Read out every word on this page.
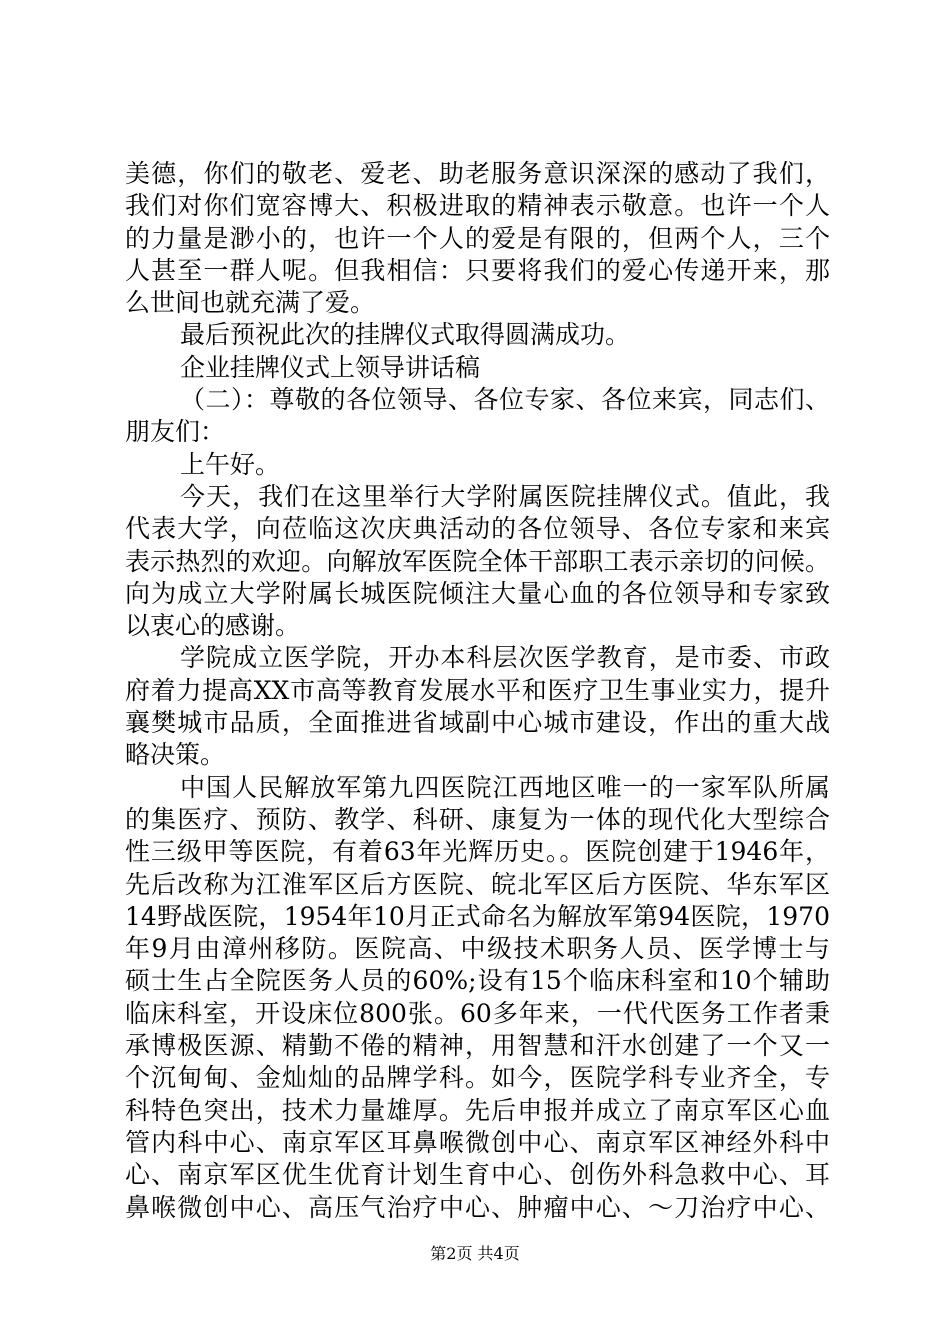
美德，你们的敬老、爱老、助老服务意识深深的感动了我们，
我们对你们宽容博大、积极进取的精神表示敬意。也许一个人
的力量是渺小的，也许一个人的爱是有限的，但两个人，三个
人甚至一群人呢。但我相信：只要将我们的爱心传递开来，那
么世间也就充满了爱。
最后预祝此次的挂牌仪式取得圆满成功。
企业挂牌仪式上领导讲话稿
（二）：尊敬的各位领导、各位专家、各位来宾，同志们、
朋友们：
上午好。
今天，我们在这里举行大学附属医院挂牌仪式。值此，我
代表大学，向莅临这次庆典活动的各位领导、各位专家和来宾
表示热烈的欢迎。向解放军医院全体干部职工表示亲切的问候。
向为成立大学附属长城医院倾注大量心血的各位领导和专家致
以衷心的感谢。
学院成立医学院，开办本科层次医学教育，是市委、市政
府着力提高XX市高等教育发展水平和医疗卫生事业实力，提升
襄樊城市品质，全面推进省域副中心城市建设，作出的重大战
略决策。
中国人民解放军第九四医院江西地区唯一的一家军队所属
的集医疗、预防、教学、科研、康复为一体的现代化大型综合
性三级甲等医院，有着63年光辉历史。。医院创建于1946年，
先后改称为江淮军区后方医院、皖北军区后方医院、华东军区
14野战医院，1954年10月正式命名为解放军第94医院，1970
年9月由漳州移防。医院高、中级技术职务人员、医学博士与
硕士生占全院医务人员的60%;设有15个临床科室和10个辅助
临床科室，开设床位800张。60多年来，一代代医务工作者秉
承博极医源、精勤不倦的精神，用智慧和汗水创建了一个又一
个沉甸甸、金灿灿的品牌学科。如今，医院学科专业齐全，专
科特色突出，技术力量雄厚。先后申报并成立了南京军区心血
管内科中心、南京军区耳鼻喉微创中心、南京军区神经外科中
心、南京军区优生优育计划生育中心、创伤外科急救中心、耳
鼻喉微创中心、高压气治疗中心、肿瘤中心、～刀治疗中心、
第2页 共4页
